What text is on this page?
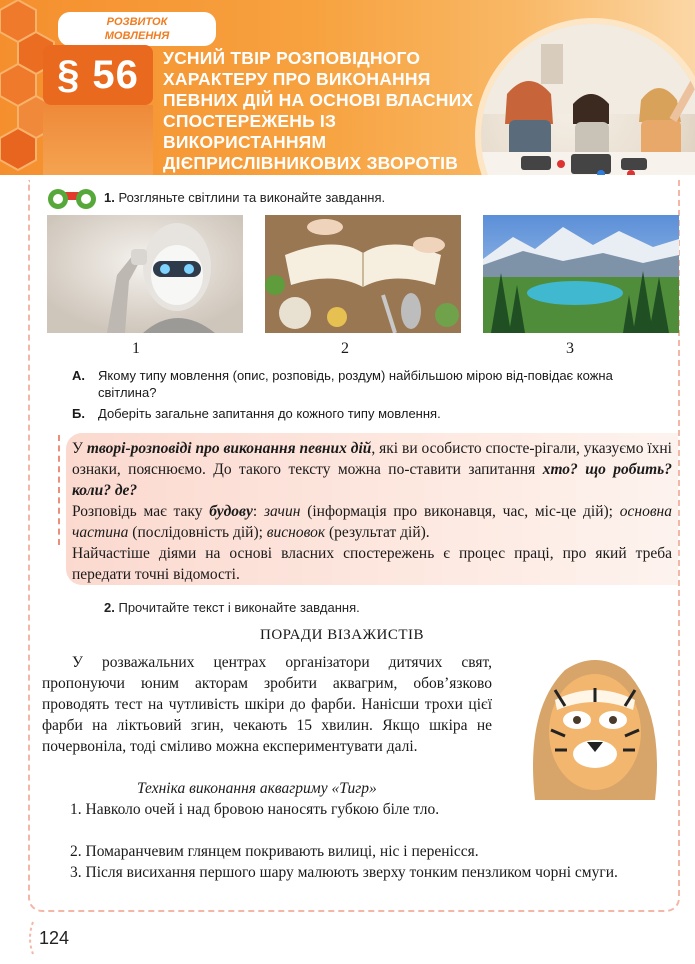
РОЗВИТОК МОВЛЕННЯ
§ 56	УСНИЙ ТВІР РОЗПОВІДНОГО
ХАРАКТЕРУ ПРО ВИКОНАННЯ
ПЕВНИХ ДІЙ НА ОСНОВІ ВЛАСНИХ
СПОСТЕРЕЖЕНЬ ІЗ ВИКОРИСТАННЯМ
ДІЄПРИСЛІВНИКОВИХ ЗВОРОТІВ
1. Розгляньте світлини та виконайте завдання.
1	2	3
А.	Якому типу мовлення (опис, розповідь, роздум) найбільшою мірою від-повідає кожна світлина?
Б.	Доберіть загальне запитання до кожного типу мовлення.
У творі-розповіді про виконання певних дій, які ви особисто спосте-рігали, указуємо їхні ознаки, пояснюємо. До такого тексту можна по-ставити запитання хто? що робить? коли? де?
Розповідь має таку будову: зачин (інформація про виконавця, час, міс-це дій); основна частина (послідовність дій); висновок (результат дій).
Найчастіше діями на основі власних спостережень є процес праці, про який треба передати точні відомості.
2. Прочитайте текст і виконайте завдання.
ПОРАДИ ВІЗАЖИСТІВ
У розважальних центрах організатори дитячих свят, пропонуючи юним акторам зробити аквагрим, обов’язково проводять тест на чутливість шкіри до фарби. Нанісши трохи цієї фарби на ліктьовий згин, чекають 15 хвилин. Якщо шкіра не почервоніла, тоді сміливо можна експериментувати далі.
Техніка виконання аквагриму «Тигр»
1. Навколо очей і над бровою наносять губкою біле тло.
2. Помаранчевим глянцем покривають вилиці, ніс і перенісся.
3. Після висихання першого шару малюють зверху тонким пензликом чорні смуги.
124
